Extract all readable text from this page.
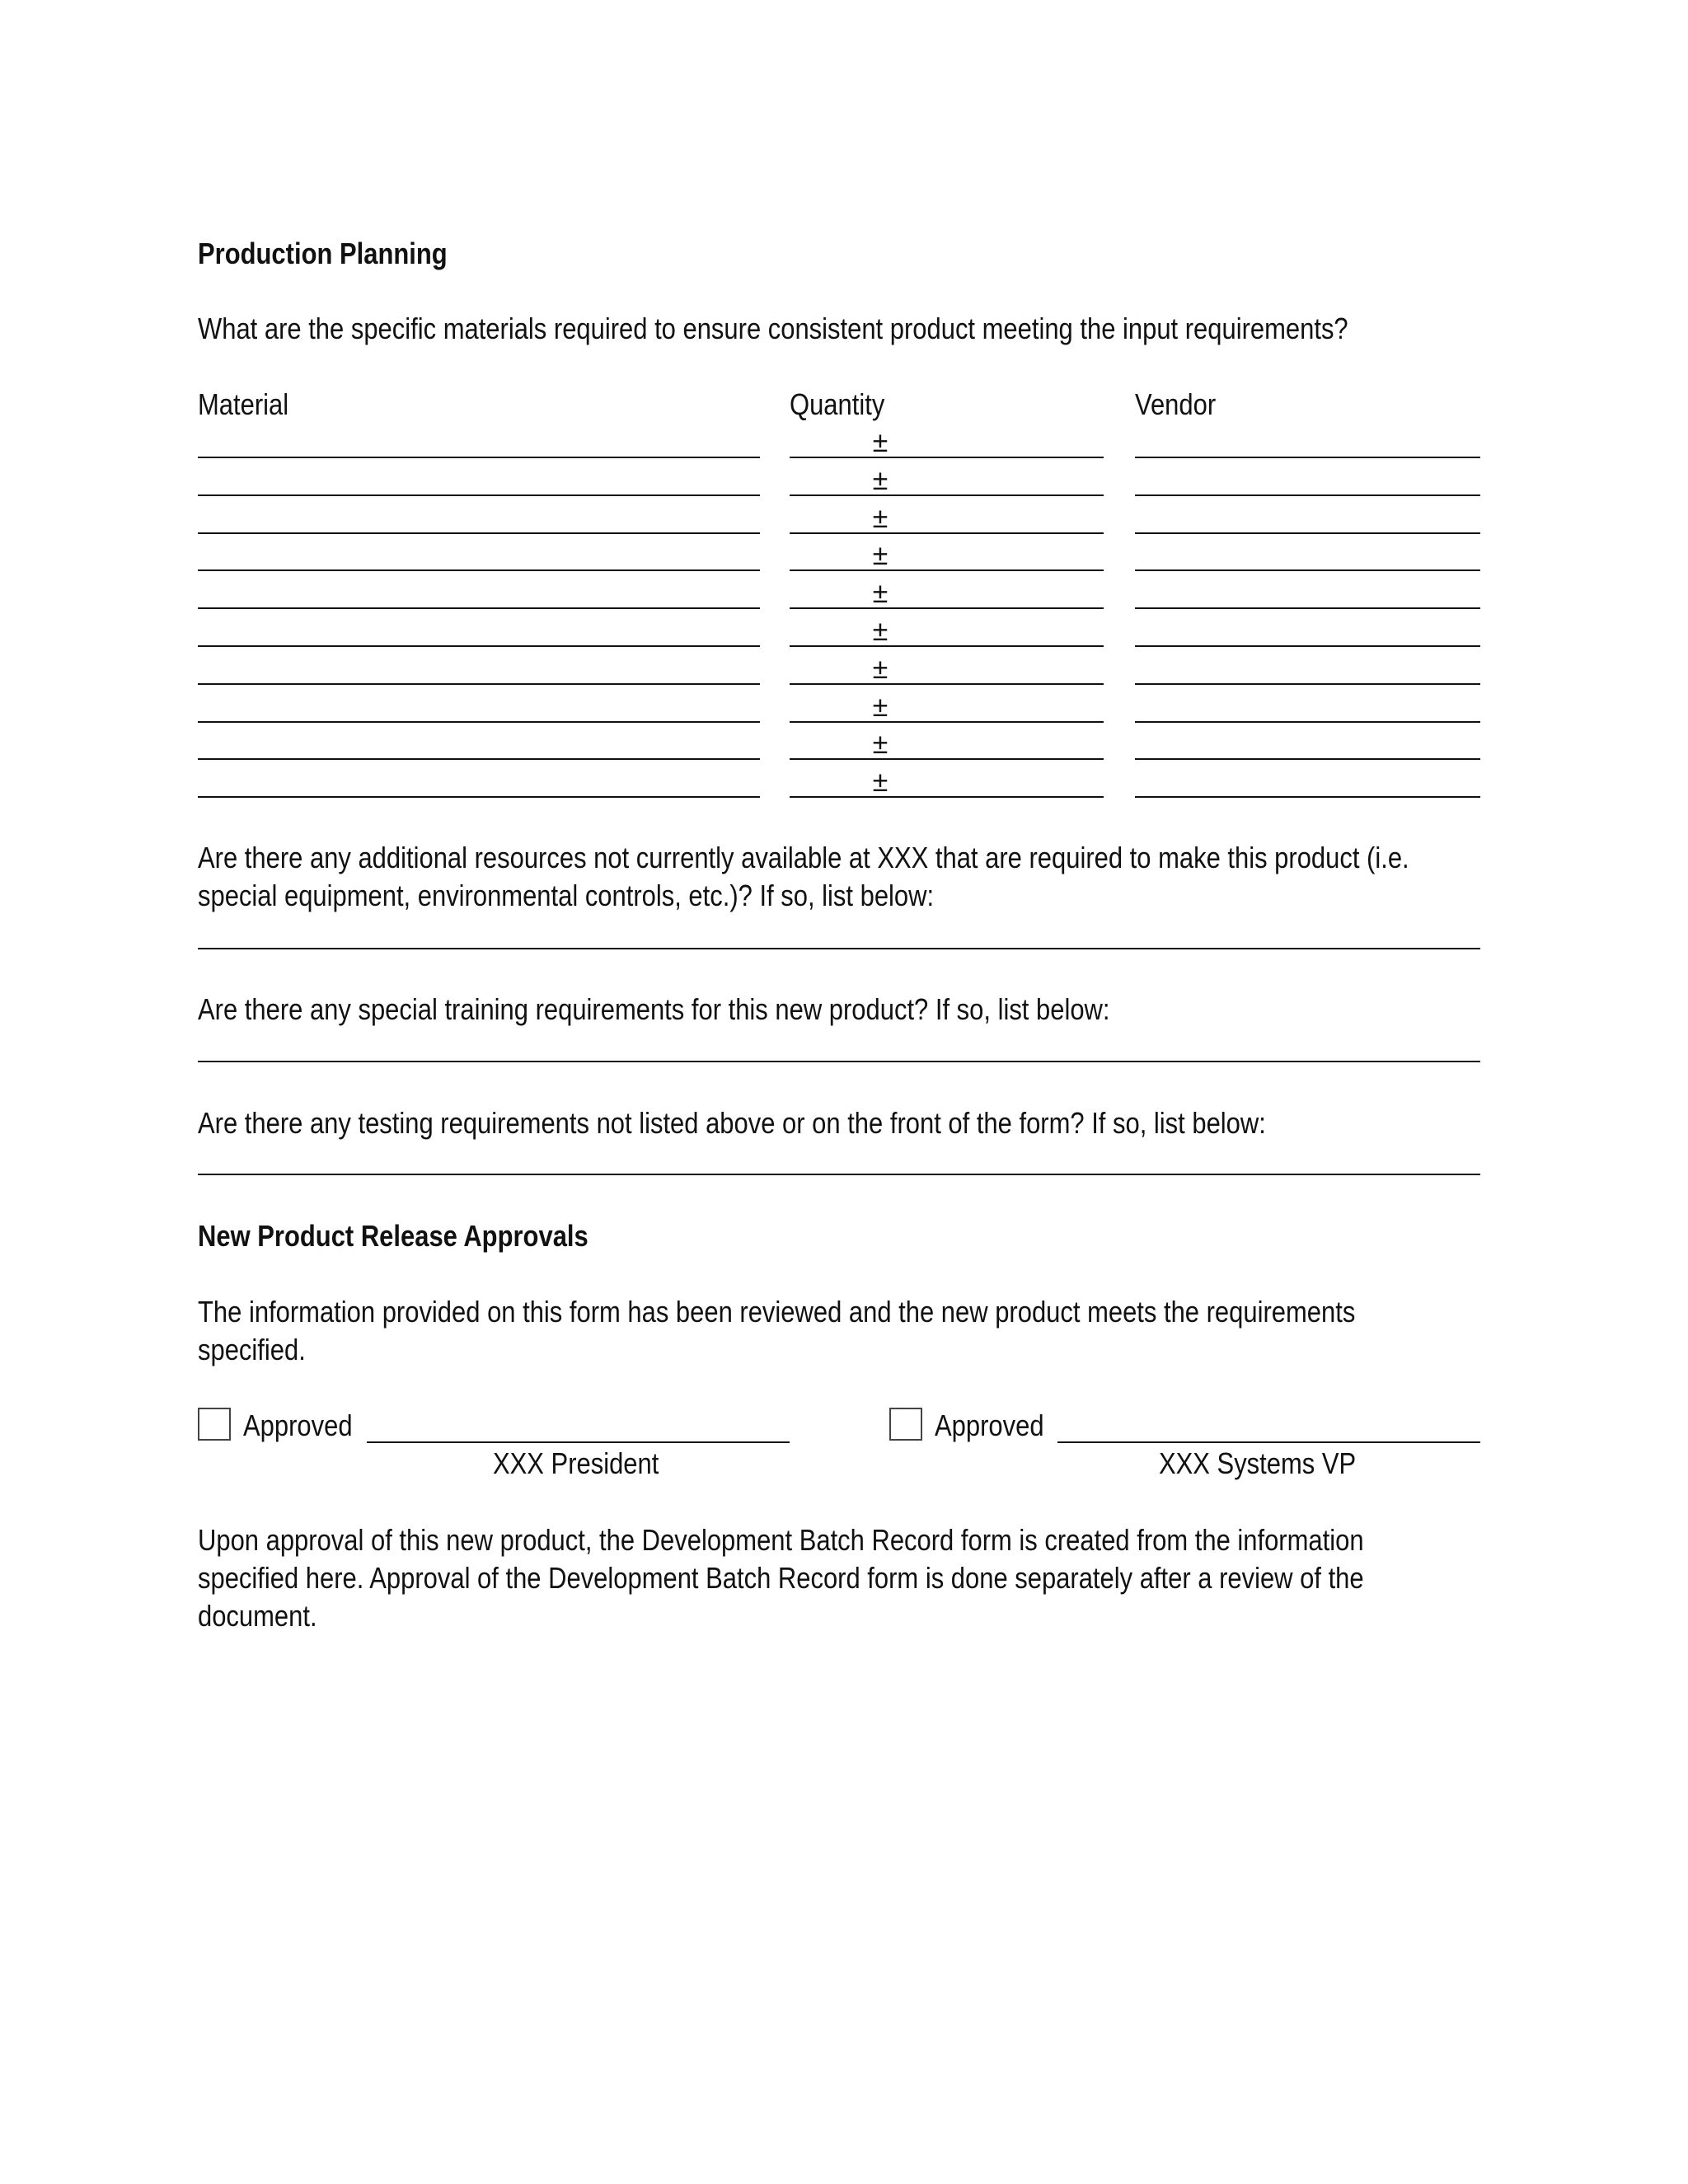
Production Planning
What are the specific materials required to ensure consistent product meeting the input requirements?
Material	Quantity	Vendor
±
±
±
±
±
±
±
±
±
±
Are there any additional resources not currently available at XXX that are required to make this product (i.e.
special equipment, environmental controls, etc.)? If so, list below:
Are there any special training requirements for this new product? If so, list below:
Are there any testing requirements not listed above or on the front of the form? If so, list below:
New Product Release Approvals
The information provided on this form has been reviewed and the new product meets the requirements
specified.
Approved
XXX President
Approved
XXX Systems VP
Upon approval of this new product, the Development Batch Record form is created from the information
specified here. Approval of the Development Batch Record form is done separately after a review of the
document.
